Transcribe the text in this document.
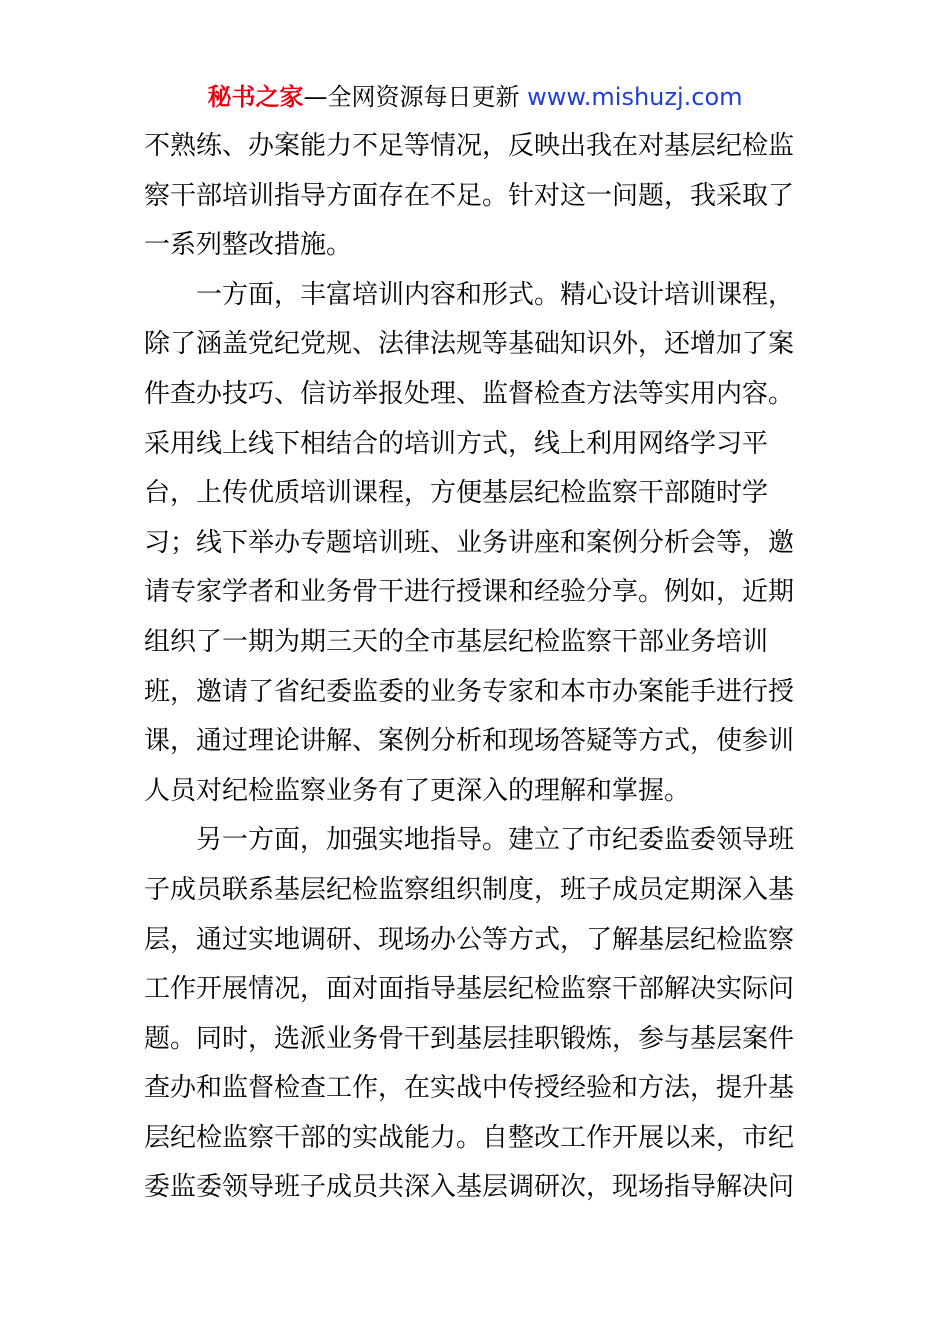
秘书之家—全网资源每日更新 www.mishuzj.com
不熟练、办案能力不足等情况，反映出我在对基层纪检监
察干部培训指导方面存在不足。针对这一问题，我采取了
一系列整改措施。
一方面，丰富培训内容和形式。精心设计培训课程，
除了涵盖党纪党规、法律法规等基础知识外，还增加了案
件查办技巧、信访举报处理、监督检查方法等实用内容。
采用线上线下相结合的培训方式，线上利用网络学习平
台，上传优质培训课程，方便基层纪检监察干部随时学
习；线下举办专题培训班、业务讲座和案例分析会等，邀
请专家学者和业务骨干进行授课和经验分享。例如，近期
组织了一期为期三天的全市基层纪检监察干部业务培训
班，邀请了省纪委监委的业务专家和本市办案能手进行授
课，通过理论讲解、案例分析和现场答疑等方式，使参训
人员对纪检监察业务有了更深入的理解和掌握。
另一方面，加强实地指导。建立了市纪委监委领导班
子成员联系基层纪检监察组织制度，班子成员定期深入基
层，通过实地调研、现场办公等方式，了解基层纪检监察
工作开展情况，面对面指导基层纪检监察干部解决实际问
题。同时，选派业务骨干到基层挂职锻炼，参与基层案件
查办和监督检查工作，在实战中传授经验和方法，提升基
层纪检监察干部的实战能力。自整改工作开展以来，市纪
委监委领导班子成员共深入基层调研次，现场指导解决问
